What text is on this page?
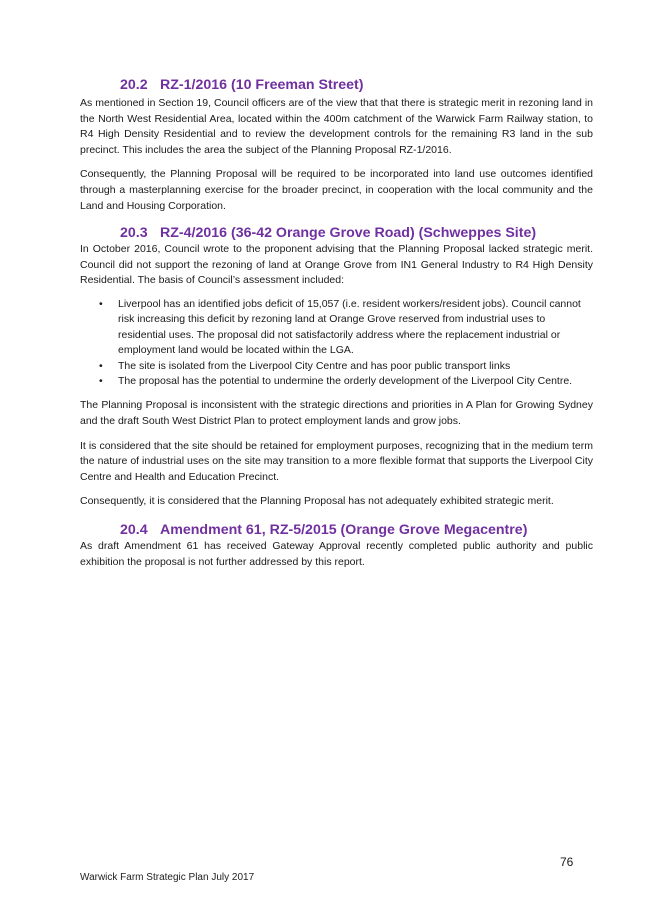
20.2 RZ-1/2016 (10 Freeman Street)

As mentioned in Section 19, Council officers are of the view that that there is strategic merit in rezoning land in the North West Residential Area, located within the 400m catchment of the Warwick Farm Railway station, to R4 High Density Residential and to review the development controls for the remaining R3 land in the sub precinct. This includes the area the subject of the Planning Proposal RZ-1/2016.

Consequently, the Planning Proposal will be required to be incorporated into land use outcomes identified through a masterplanning exercise for the broader precinct, in cooperation with the local community and the Land and Housing Corporation.

20.3 RZ-4/2016 (36-42 Orange Grove Road) (Schweppes Site)

In October 2016, Council wrote to the proponent advising that the Planning Proposal lacked strategic merit. Council did not support the rezoning of land at Orange Grove from IN1 General Industry to R4 High Density Residential. The basis of Council’s assessment included:

• Liverpool has an identified jobs deficit of 15,057 (i.e. resident workers/resident jobs). Council cannot risk increasing this deficit by rezoning land at Orange Grove reserved from industrial uses to residential uses. The proposal did not satisfactorily address where the replacement industrial or employment land would be located within the LGA.
• The site is isolated from the Liverpool City Centre and has poor public transport links
• The proposal has the potential to undermine the orderly development of the Liverpool City Centre.

The Planning Proposal is inconsistent with the strategic directions and priorities in A Plan for Growing Sydney and the draft South West District Plan to protect employment lands and grow jobs.

It is considered that the site should be retained for employment purposes, recognizing that in the medium term the nature of industrial uses on the site may transition to a more flexible format that supports the Liverpool City Centre and Health and Education Precinct.

Consequently, it is considered that the Planning Proposal has not adequately exhibited strategic merit.

20.4 Amendment 61, RZ-5/2015 (Orange Grove Megacentre)

As draft Amendment 61 has received Gateway Approval recently completed public authority and public exhibition the proposal is not further addressed by this report.

76
Warwick Farm Strategic Plan July 2017
